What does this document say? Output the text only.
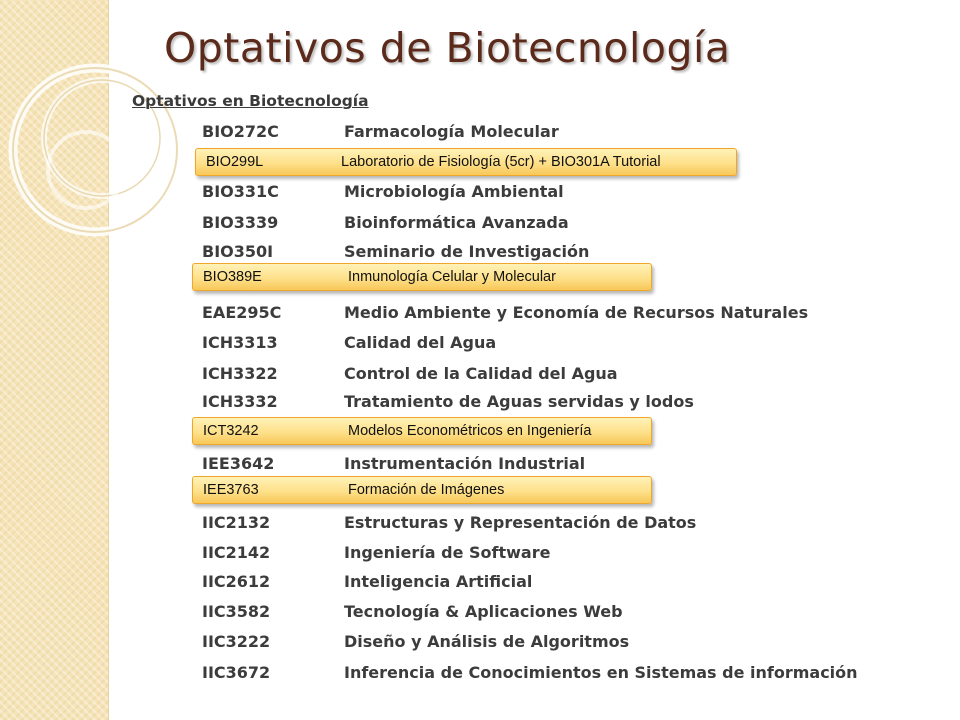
Optativos de Biotecnología
Optativos en Biotecnología
BIO272C	Farmacología Molecular
BIO331C	Microbiología Ambiental
BIO3339	Bioinformática Avanzada
BIO350I	Seminario de Investigación
EAE295C	Medio Ambiente y Economía de Recursos Naturales
ICH3313	Calidad del Agua
ICH3322	Control de la Calidad del Agua
ICH3332	Tratamiento de Aguas servidas y lodos
IEE3642	Instrumentación Industrial
IIC2132	Estructuras y Representación de Datos
IIC2142	Ingeniería de Software
IIC2612	Inteligencia Artificial
IIC3582	Tecnología & Aplicaciones Web
IIC3222	Diseño y Análisis de Algoritmos
IIC3672	Inferencia de Conocimientos en Sistemas de información
BIO299L	Laboratorio de Fisiología (5cr) + BIO301A Tutorial
BIO389E	Inmunología Celular y Molecular
ICT3242	Modelos Econométricos en Ingeniería
IEE3763	Formación de Imágenes
